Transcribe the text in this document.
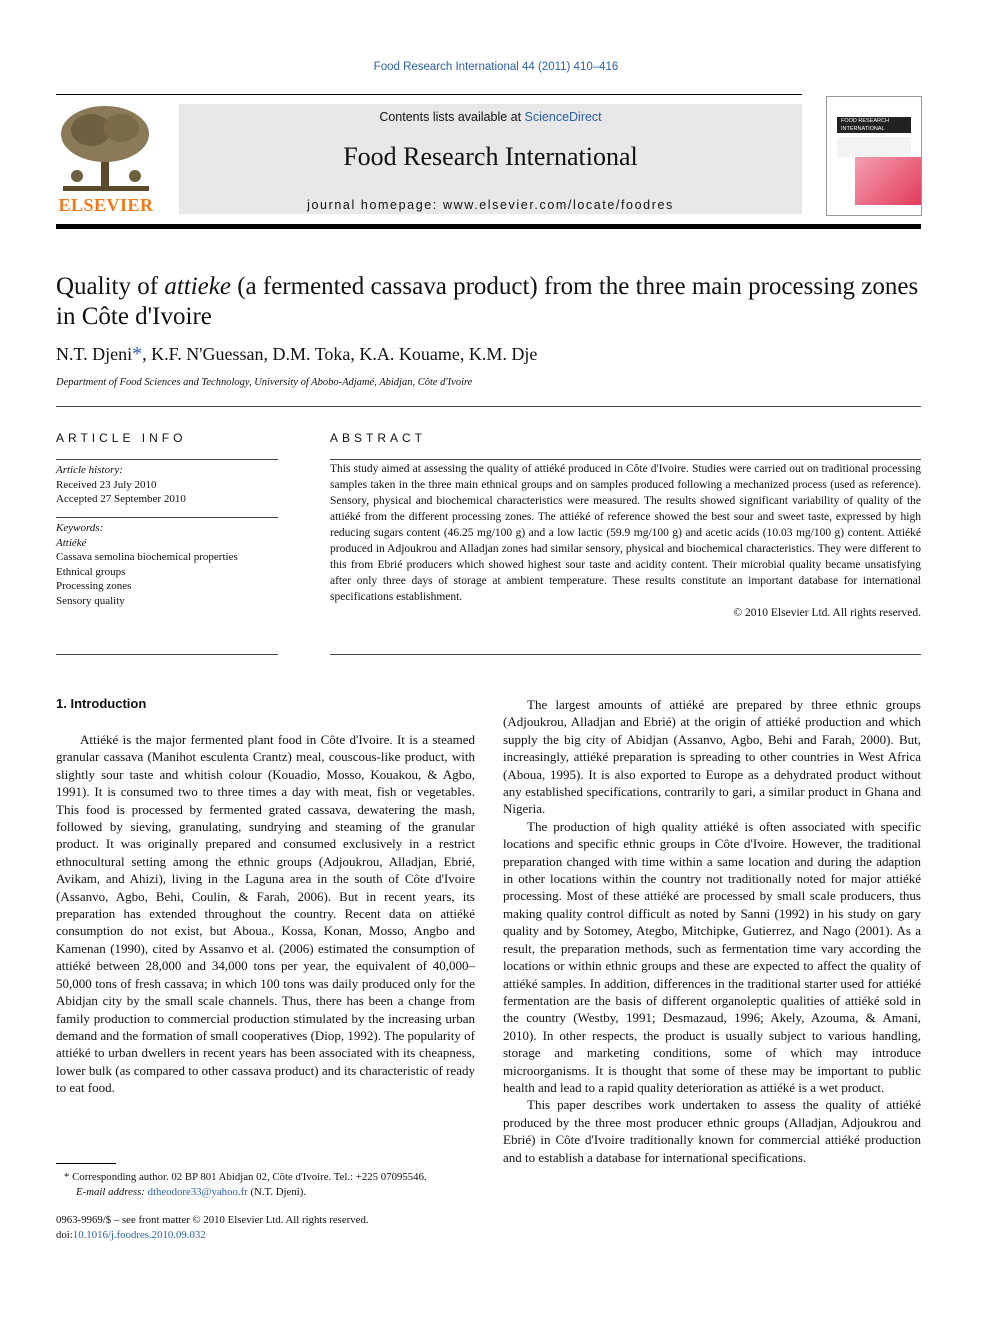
Food Research International 44 (2011) 410–416
ELSEVIER
Contents lists available at ScienceDirect
Food Research International
journal homepage: www.elsevier.com/locate/foodres
FOOD RESEARCH INTERNATIONAL
Quality of attieke (a fermented cassava product) from the three main processing zones in Côte d'Ivoire
N.T. Djeni*, K.F. N'Guessan, D.M. Toka, K.A. Kouame, K.M. Dje
Department of Food Sciences and Technology, University of Abobo-Adjamé, Abidjan, Côte d'Ivoire
ARTICLE INFO
Article history:
Received 23 July 2010
Accepted 27 September 2010
Keywords:
Attiéké
Cassava semolina biochemical properties
Ethnical groups
Processing zones
Sensory quality
ABSTRACT
This study aimed at assessing the quality of attiéké produced in Côte d'Ivoire. Studies were carried out on traditional processing samples taken in the three main ethnical groups and on samples produced following a mechanized process (used as reference). Sensory, physical and biochemical characteristics were measured. The results showed significant variability of quality of the attiéké from the different processing zones. The attiéké of reference showed the best sour and sweet taste, expressed by high reducing sugars content (46.25 mg/100 g) and a low lactic (59.9 mg/100 g) and acetic acids (10.03 mg/100 g) content. Attiéké produced in Adjoukrou and Alladjan zones had similar sensory, physical and biochemical characteristics. They were different to this from Ebrié producers which showed highest sour taste and acidity content. Their microbial quality became unsatisfying after only three days of storage at ambient temperature. These results constitute an important database for international specifications establishment.
© 2010 Elsevier Ltd. All rights reserved.
1. Introduction

Attiéké is the major fermented plant food in Côte d'Ivoire. It is a steamed granular cassava (Manihot esculenta Crantz) meal, couscous-like product, with slightly sour taste and whitish colour (Kouadio, Mosso, Kouakou, & Agbo, 1991). It is consumed two to three times a day with meat, fish or vegetables. This food is processed by fermented grated cassava, dewatering the mash, followed by sieving, granulating, sundrying and steaming of the granular product. It was originally prepared and consumed exclusively in a restrict ethnocultural setting among the ethnic groups (Adjoukrou, Alladjan, Ebrié, Avikam, and Ahizi), living in the Laguna area in the south of Côte d'Ivoire (Assanvo, Agbo, Behi, Coulin, & Farah, 2006). But in recent years, its preparation has extended throughout the country. Recent data on attiéké consumption do not exist, but Aboua., Kossa, Konan, Mosso, Angbo and Kamenan (1990), cited by Assanvo et al. (2006) estimated the consumption of attiéké between 28,000 and 34,000 tons per year, the equivalent of 40,000–50,000 tons of fresh cassava; in which 100 tons was daily produced only for the Abidjan city by the small scale channels. Thus, there has been a change from family production to commercial production stimulated by the increasing urban demand and the formation of small cooperatives (Diop, 1992). The popularity of attiéké to urban dwellers in recent years has been associated with its cheapness, lower bulk (as compared to other cassava product) and its characteristic of ready to eat food.

The largest amounts of attiéké are prepared by three ethnic groups (Adjoukrou, Alladjan and Ebrié) at the origin of attiéké production and which supply the big city of Abidjan (Assanvo, Agbo, Behi and Farah, 2000). But, increasingly, attiéké preparation is spreading to other countries in West Africa (Aboua, 1995). It is also exported to Europe as a dehydrated product without any established specifications, contrarily to gari, a similar product in Ghana and Nigeria.

The production of high quality attiéké is often associated with specific locations and specific ethnic groups in Côte d'Ivoire. However, the traditional preparation changed with time within a same location and during the adaption in other locations within the country not traditionally noted for major attiéké processing. Most of these attiéké are processed by small scale producers, thus making quality control difficult as noted by Sanni (1992) in his study on gary quality and by Sotomey, Ategbo, Mitchipke, Gutierrez, and Nago (2001). As a result, the preparation methods, such as fermentation time vary according the locations or within ethnic groups and these are expected to affect the quality of attiéké samples. In addition, differences in the traditional starter used for attiéké fermentation are the basis of different organoleptic qualities of attiéké sold in the country (Westby, 1991; Desmazaud, 1996; Akely, Azouma, & Amani, 2010). In other respects, the product is usually subject to various handling, storage and marketing conditions, some of which may introduce microorganisms. It is thought that some of these may be important to public health and lead to a rapid quality deterioration as attiéké is a wet product.

This paper describes work undertaken to assess the quality of attiéké produced by the three most producer ethnic groups (Alladjan, Adjoukrou and Ebrié) in Côte d'Ivoire traditionally known for commercial attiéké production and to establish a database for international specifications.

* Corresponding author. 02 BP 801 Abidjan 02, Côte d'Ivoire. Tel.: +225 07095546.
E-mail address: dtheodore33@yahoo.fr (N.T. Djeni).
0963-9969/$ – see front matter © 2010 Elsevier Ltd. All rights reserved.
doi:10.1016/j.foodres.2010.09.032
